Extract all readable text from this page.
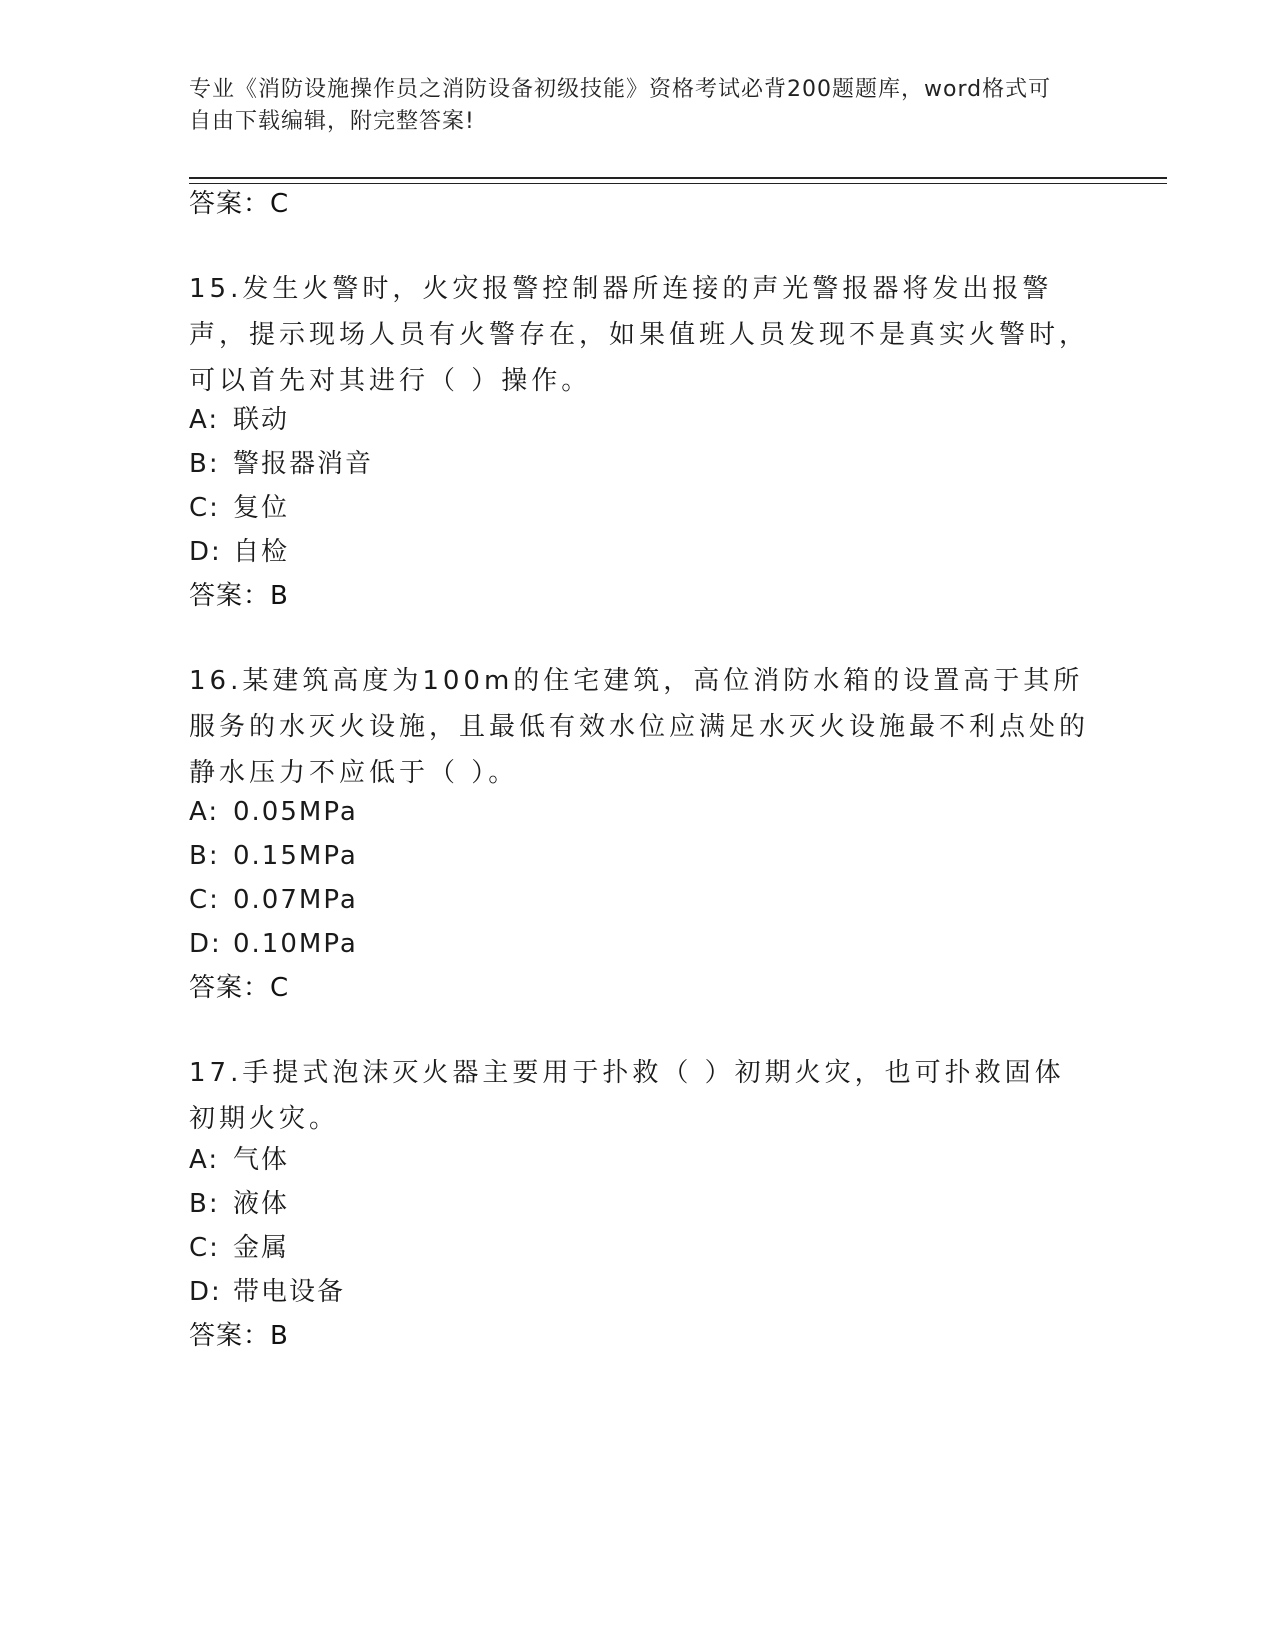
专业《消防设施操作员之消防设备初级技能》资格考试必背200题题库，word格式可自由下载编辑，附完整答案!
答案：C
15.发生火警时，火灾报警控制器所连接的声光警报器将发出报警声，提示现场人员有火警存在，如果值班人员发现不是真实火警时，可以首先对其进行（ ）操作。
A: 联动
B: 警报器消音
C: 复位
D: 自检
答案：B
16.某建筑高度为100m的住宅建筑，高位消防水箱的设置高于其所服务的水灭火设施，且最低有效水位应满足水灭火设施最不利点处的静水压力不应低于（ ）。
A: 0.05MPa
B: 0.15MPa
C: 0.07MPa
D: 0.10MPa
答案：C
17.手提式泡沫灭火器主要用于扑救（ ）初期火灾，也可扑救固体初期火灾。
A: 气体
B: 液体
C: 金属
D: 带电设备
答案：B
